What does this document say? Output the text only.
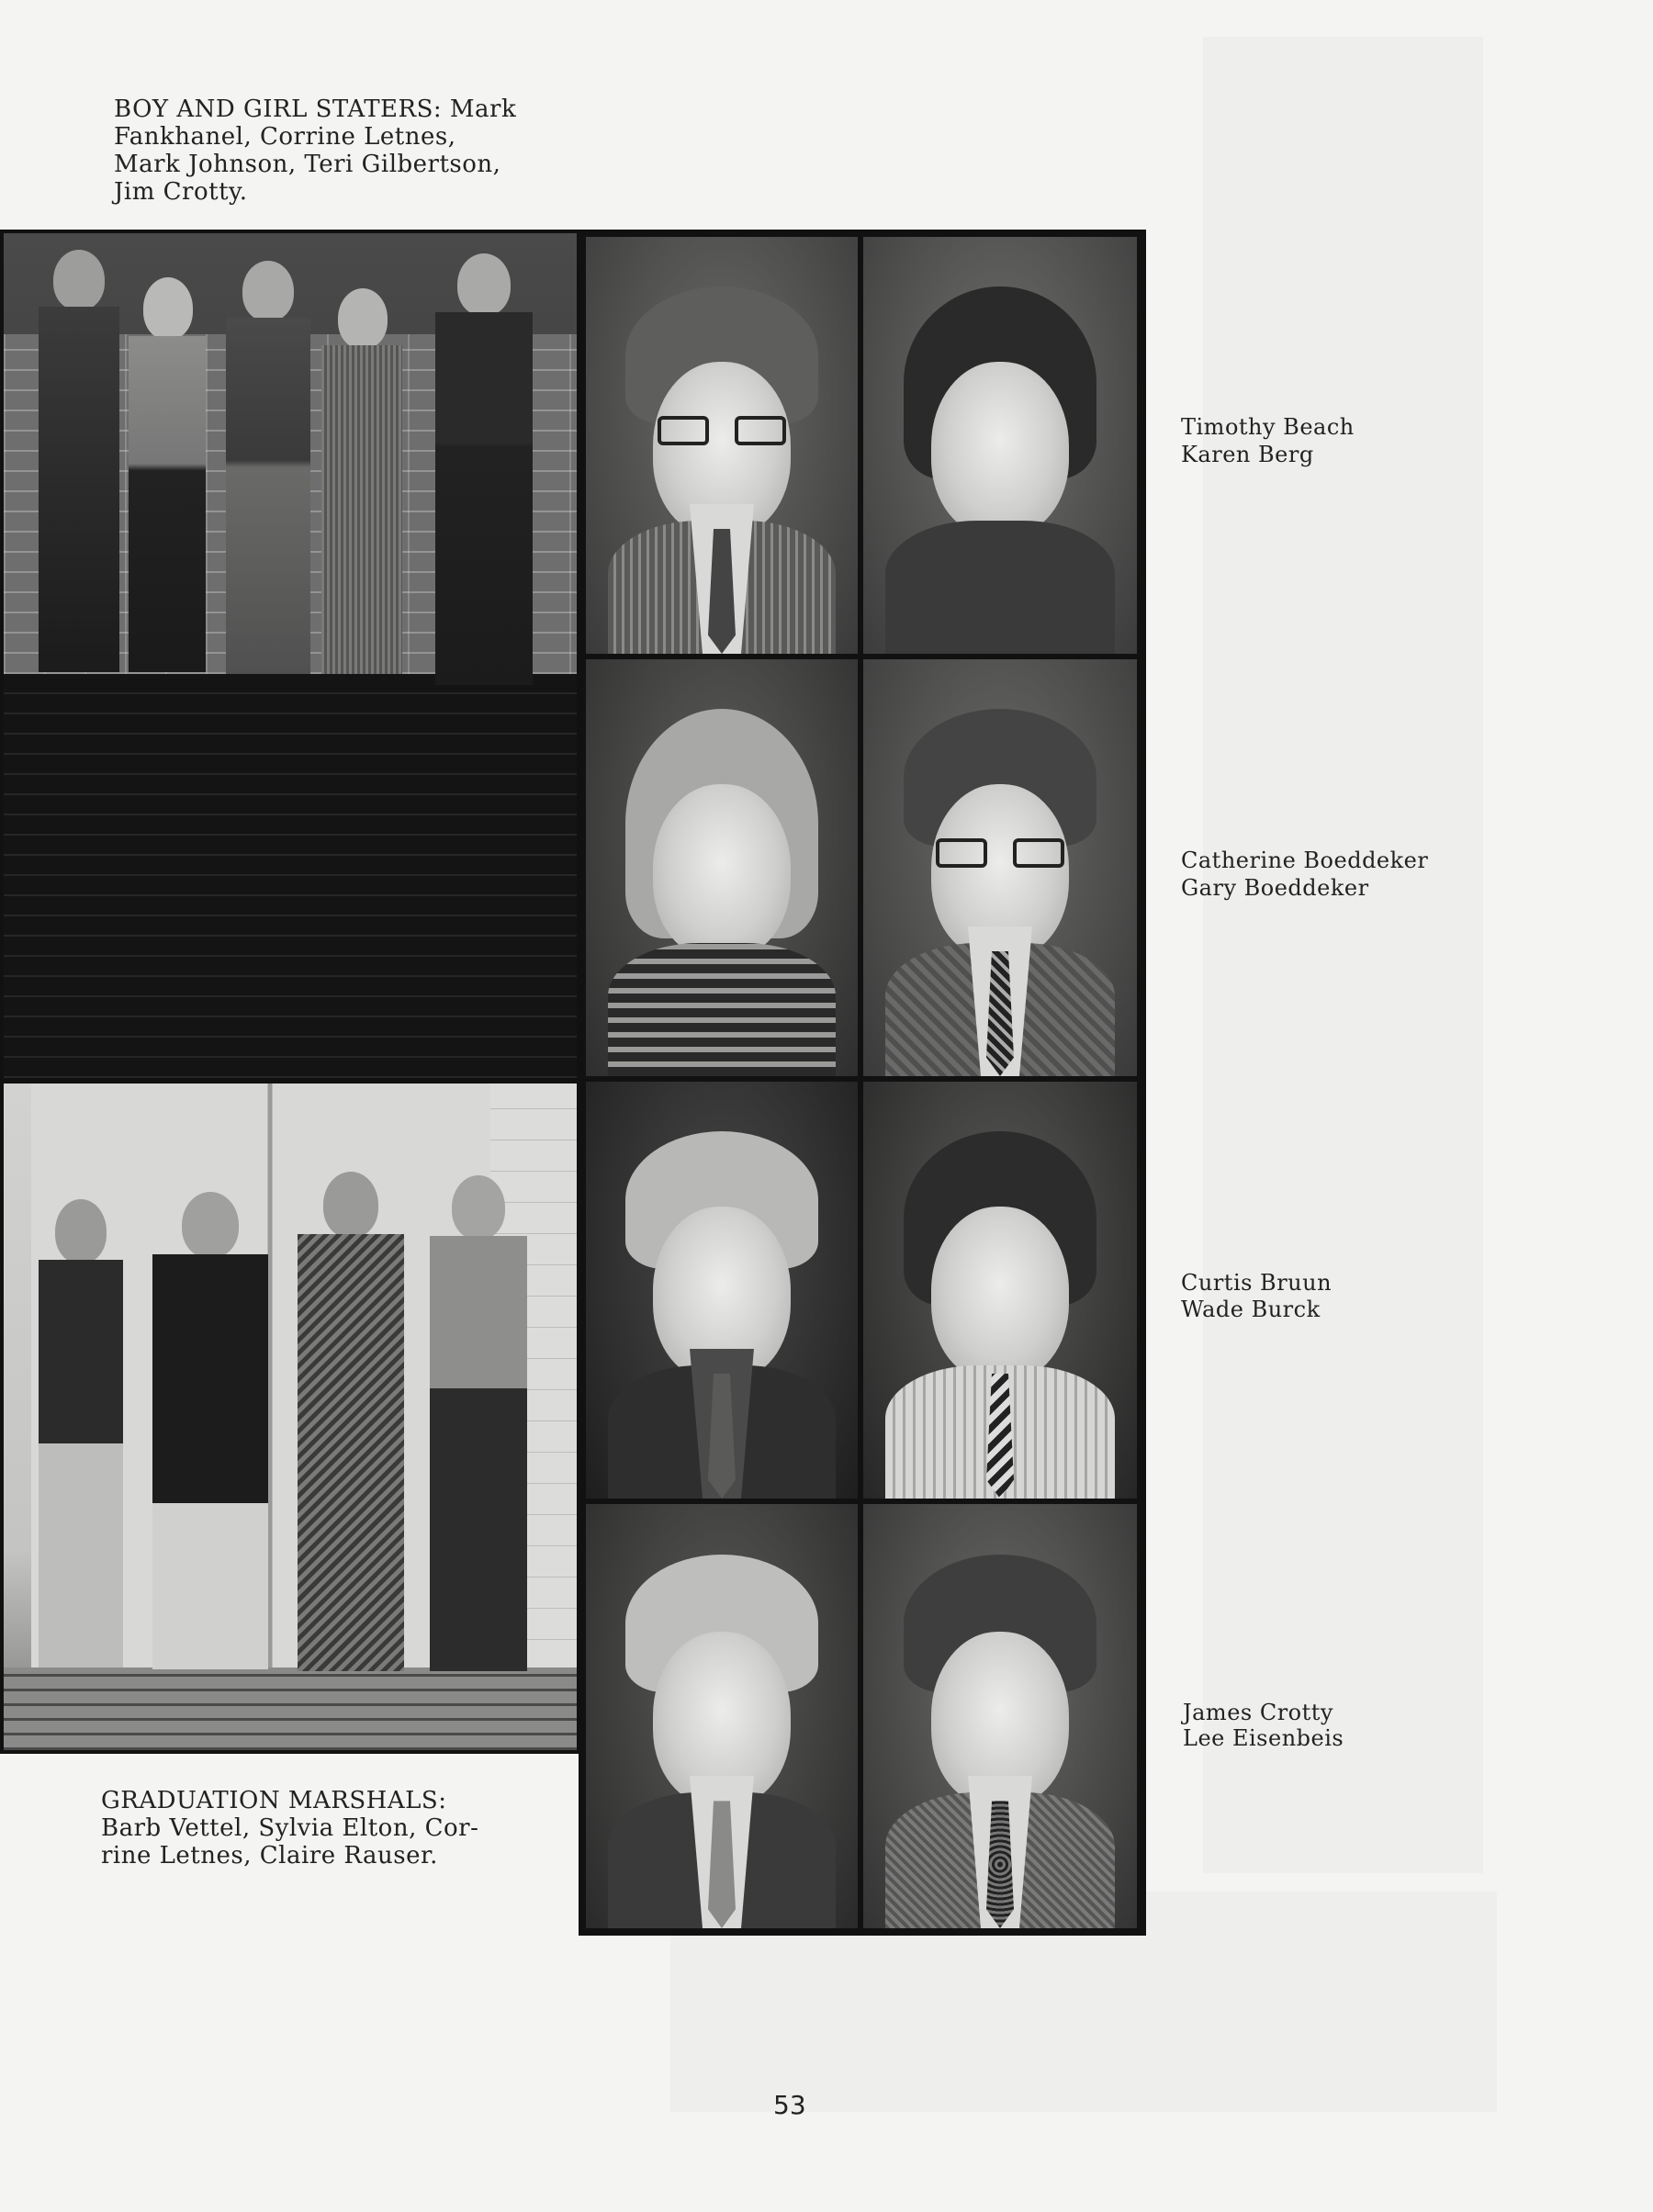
BOY AND GIRL STATERS: Mark
Fankhanel, Corrine Letnes,
Mark Johnson, Teri Gilbertson,
Jim Crotty.

GRADUATION MARSHALS:
Barb Vettel, Sylvia Elton, Cor-
rine Letnes, Claire Rauser.

Timothy Beach

Karen Berg

Catherine Boeddeker

Gary Boeddeker

Curtis Bruun

Wade Burck

James Crotty

Lee Eisenbeis

53
